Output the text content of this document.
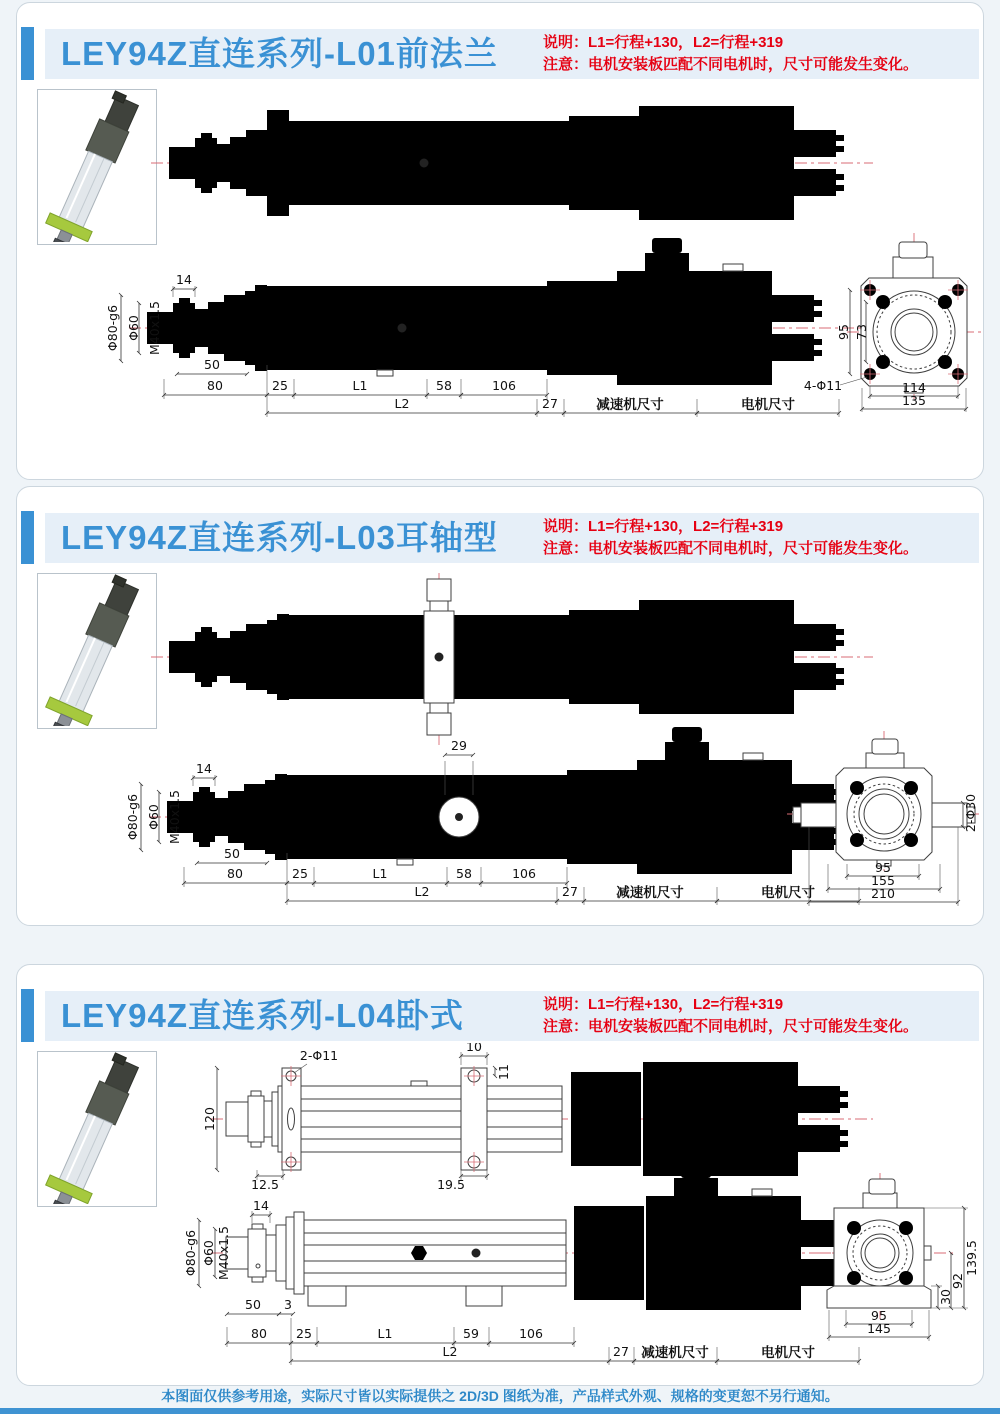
LEY94Z直连系列-L01前法兰	说明：L1=行程+130，L2=行程+319

注意：电机安装板匹配不同电机时，尺寸可能发生变化。

14
Φ80-g6 Φ60 M40x1.5
50
80	25	L1	58	106
L2	27	减速机尺寸	电机尺寸
95 73
114
135
4-Φ11
LEY94Z直连系列-L03耳轴型	说明：L1=行程+130，L2=行程+319

注意：电机安装板匹配不同电机时，尺寸可能发生变化。

29
14
Φ80-g6 Φ60 M40x1.5
50
80	25	L1	58	106
L2	27	减速机尺寸	电机尺寸
95
155
210
2-Φ30
LEY94Z直连系列-L04卧式	说明：L1=行程+130，L2=行程+319

注意：电机安装板匹配不同电机时，尺寸可能发生变化。

2-Φ11
10
11
120
12.5	19.5
14
Φ80-g6 Φ60 M40x1.5
50 3
80 25	L1	59	106
L2	27 减速机尺寸	电机尺寸
95
145
30
92
139.5
本图面仅供参考用途，实际尺寸皆以实际提供之 2D/3D 图纸为准，产品样式外观、规格的变更恕不另行通知。
